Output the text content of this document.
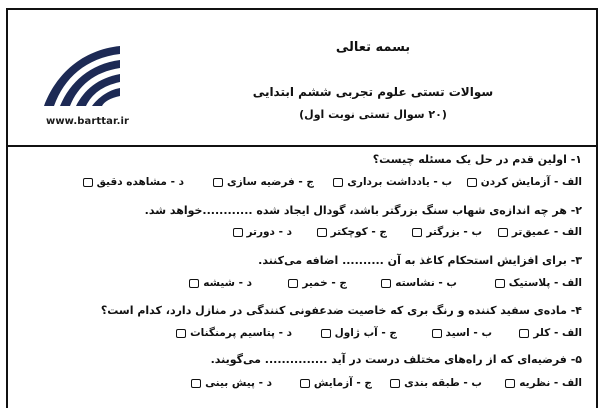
www.barttar.ir
بسمه تعالی
سوالات تستی علوم تجربی ششم ابتدایی
(۲۰ سوال تستی نوبت اول)
۱- اولین قدم در حل یک مسئله چیست؟
الف - آزمایش کردن
ب - یادداشت برداری
ج - فرضیه سازی
د - مشاهده دقیق
۲- هر چه اندازه‌ی شهاب سنگ بزرگتر باشد، گودال ایجاد شده ............خواهد شد.
الف - عمیق‌تر
ب - بزرگتر
ج - کوچکتر
د - دورتر
۳- برای افزایش استحکام کاغذ به آن .......... اضافه می‌کنند.
الف - پلاستیک
ب - نشاسته
ج - خمیر
د - شیشه
۴- ماده‌ی سفید کننده و رنگ بری که خاصیت ضدعفونی کنندگی در منازل دارد، کدام است؟
الف - کلر
ب - اسید
ج - آب ژاول
د - پتاسیم پرمنگنات
۵- فرضیه‌ای که از راه‌های مختلف درست در آید ............... می‌گویند.
الف - نظریه
ب - طبقه بندی
ج - آزمایش
د - پیش بینی
